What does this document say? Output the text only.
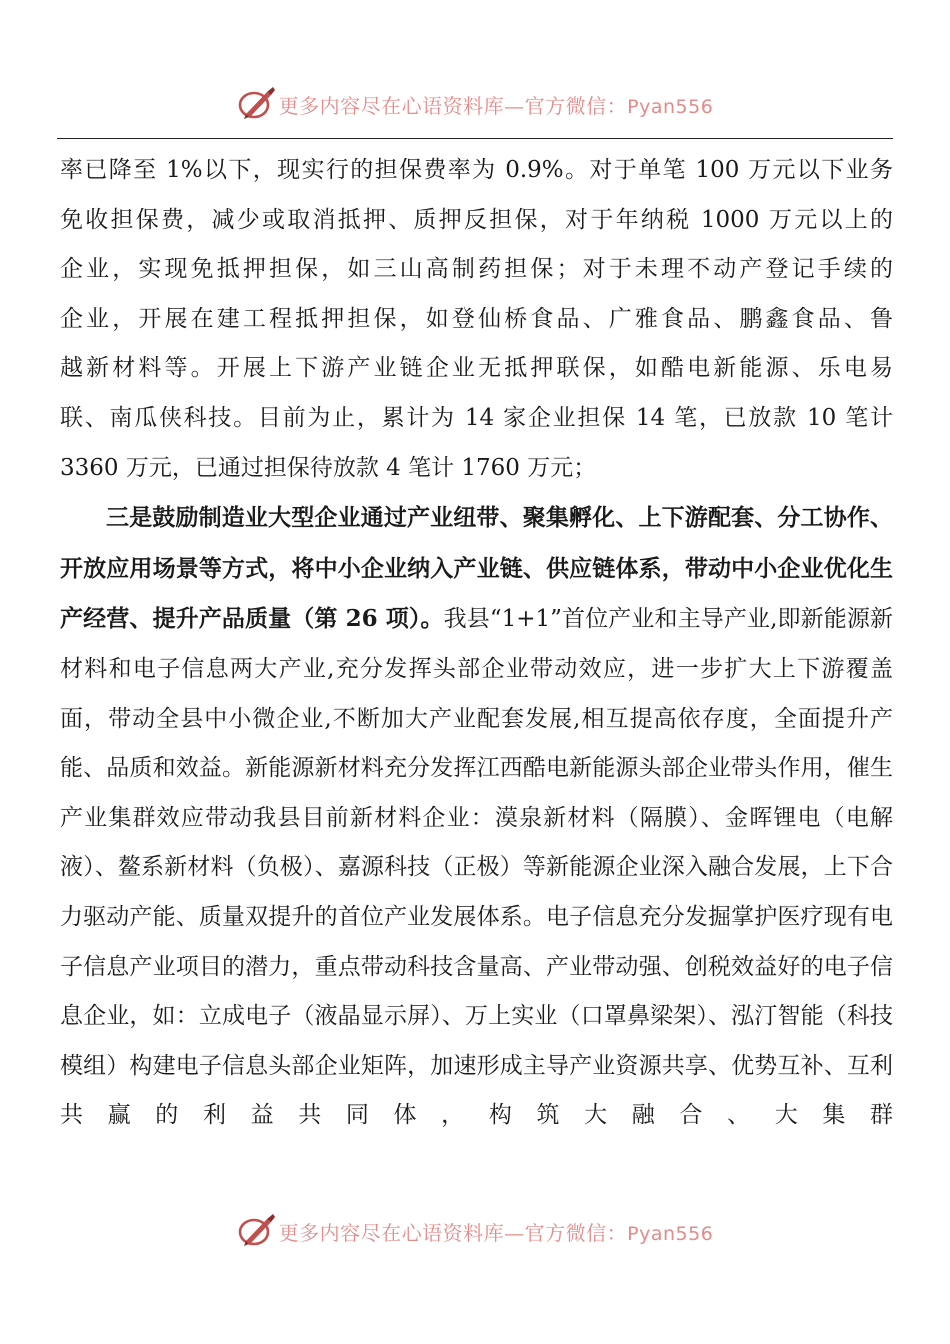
更多内容尽在心语资料库—官方微信：Pyan556

率已降至 1%以下，现实行的担保费率为 0.9%。对于单笔 100 万元以下业务

免收担保费，减少或取消抵押、质押反担保，对于年纳税 1000 万元以上的

企业，实现免抵押担保，如三山高制药担保；对于未理不动产登记手续的

企业，开展在建工程抵押担保，如登仙桥食品、广雅食品、鹏鑫食品、鲁

越新材料等。开展上下游产业链企业无抵押联保，如酷电新能源、乐电易

联、南瓜侠科技。目前为止，累计为 14 家企业担保 14 笔，已放款 10 笔计

3360 万元，已通过担保待放款 4 笔计 1760 万元；

三是鼓励制造业大型企业通过产业纽带、聚集孵化、上下游配套、分工协作、开放应用场景等方式，将中小企业纳入产业链、供应链体系，带动中小企业优化生产经营、提升产品质量（第 26 项）。我县“1+1”首位产业和主导产业,即新能源新材料和电子信息两大产业,充分发挥头部企业带动效应，进一步扩大上下游覆盖面，带动全县中小微企业,不断加大产业配套发展,相互提高依存度，全面提升产能、品质和效益。新能源新材料充分发挥江西酷电新能源头部企业带头作用，催生产业集群效应带动我县目前新材料企业：漠泉新材料（隔膜）、金晖锂电（电解液）、鳌系新材料（负极）、嘉源科技（正极）等新能源企业深入融合发展，上下合力驱动产能、质量双提升的首位产业发展体系。电子信息充分发掘掌护医疗现有电子信息产业项目的潜力，重点带动科技含量高、产业带动强、创税效益好的电子信息企业，如：立成电子（液晶显示屏）、万上实业（口罩鼻梁架）、泓汀智能（科技模组）构建电子信息头部企业矩阵，加速形成主导产业资源共享、优势互补、互利共赢的利益共同体，构筑大融合、大集群

更多内容尽在心语资料库—官方微信：Pyan556
